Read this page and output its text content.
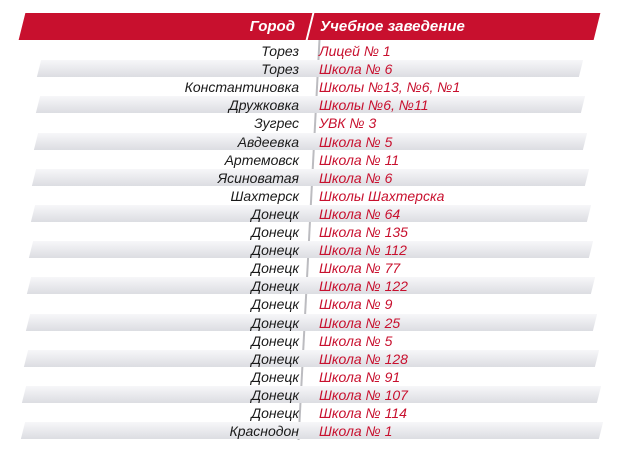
Город Учебное заведение
Торез Лицей № 1
Торез Школа № 6
Константиновка Школы №13, №6, №1
Дружковка Школы №6, №11
Зугрес УВК № 3
Авдеевка Школа № 5
Артемовск Школа № 11
Ясиноватая Школа № 6
Шахтерск Школы Шахтерска
Донецк Школа № 64
Донецк Школа № 135
Донецк Школа № 112
Донецк Школа № 77
Донецк Школа № 122
Донецк Школа № 9
Донецк Школа № 25
Донецк Школа № 5
Донецк Школа № 128
Донецк Школа № 91
Донецк Школа № 107
Донецк Школа № 114
Краснодон Школа № 1
